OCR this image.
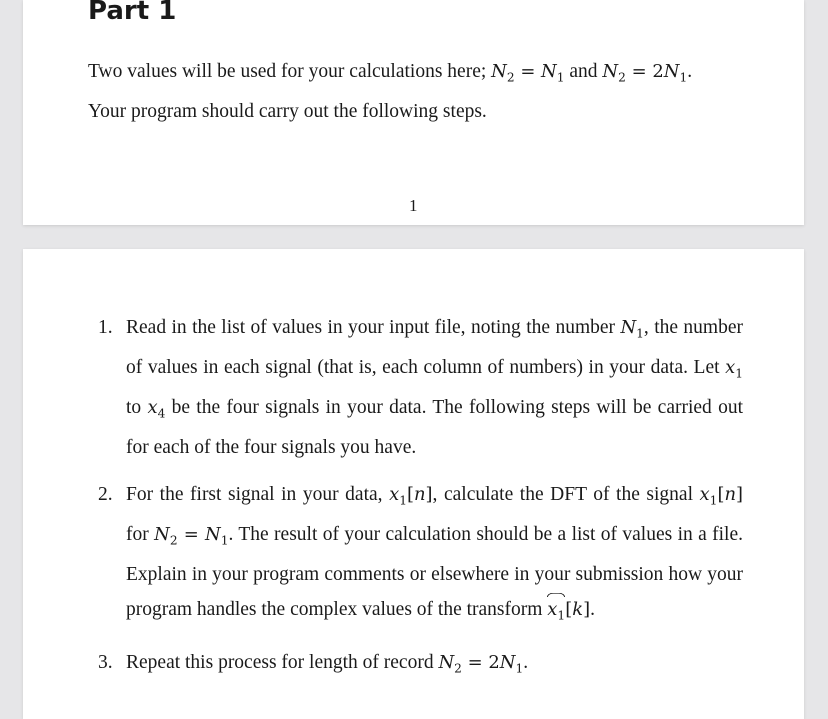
Part 1

Two values will be used for your calculations here; $N_2 = N_1$ and $N_2 = 2N_1$.
Your program should carry out the following steps.

1
1. Read in the list of values in your input file, noting the number $N_1$, the number of values in each signal (that is, each column of numbers) in your data. Let $x_1$ to $x_4$ be the four signals in your data. The following steps will be carried out for each of the four signals you have.
2. For the first signal in your data, $x_1[n]$, calculate the DFT of the signal $x_1[n]$ for $N_2 = N_1$. The result of your calculation should be a list of values in a file. Explain in your program comments or elsewhere in your submission how your program handles the complex values of the transform $x_1[k]$.
3. Repeat this process for length of record $N_2 = 2N_1$.
